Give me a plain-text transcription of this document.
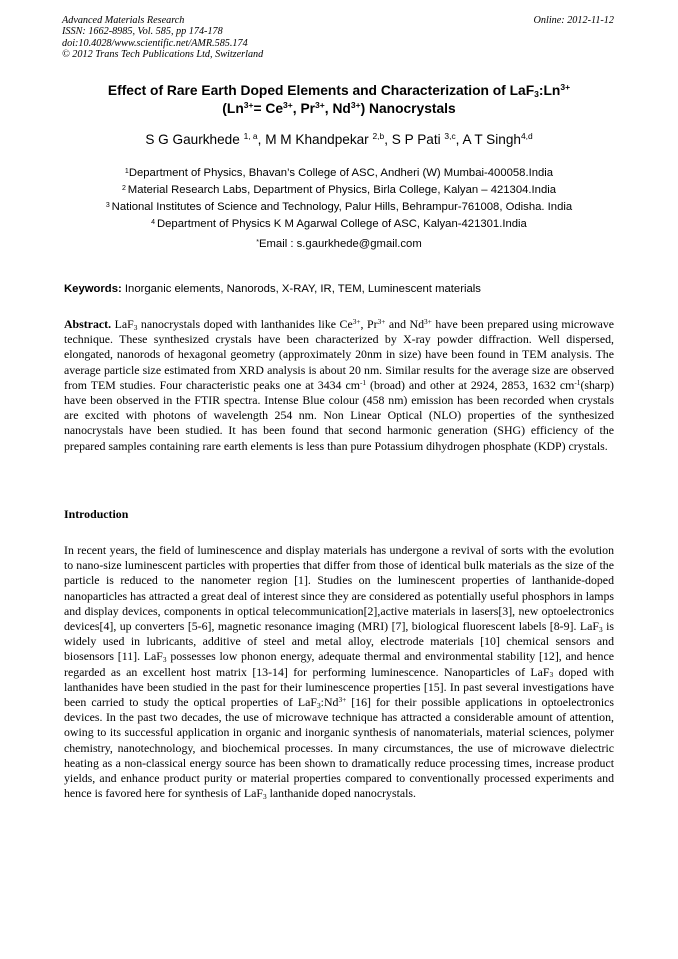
Advanced Materials Research
ISSN: 1662-8985, Vol. 585, pp 174-178
doi:10.4028/www.scientific.net/AMR.585.174
© 2012 Trans Tech Publications Ltd, Switzerland
Online: 2012-11-12
Effect of Rare Earth Doped Elements and Characterization of $LaF_3:Ln^{3+}$
($Ln^{3+}= Ce^{3+}$, $Pr^{3+}$, $Nd^{3+}$) Nanocrystals
S G Gaurkhede $^{1, a}$, M M Khandpekar $^{2,b}$, S P Pati $^{3,c}$, A T Singh$^{4,d}$
$^1$Department of Physics, Bhavan’s College of ASC, Andheri (W) Mumbai-400058.India
$^2$ Material Research Labs, Department of Physics, Birla College, Kalyan – 421304.India
$^3$ National Institutes of Science and Technology, Palur Hills, Behrampur-761008, Odisha. India
$^4$ Department of Physics K M Agarwal College of ASC, Kalyan-421301.India
*Email : s.gaurkhede@gmail.com
Keywords: Inorganic elements, Nanorods, X-RAY, IR, TEM, Luminescent materials
Abstract. LaF$_3$ nanocrystals doped with lanthanides like $Ce^{3+}$, $Pr^{3+}$ and $Nd^{3+}$ have been prepared using microwave technique. These synthesized crystals have been characterized by X-ray powder diffraction. Well dispersed, elongated, nanorods of hexagonal geometry (approximately 20nm in size) have been found in TEM analysis. The average particle size estimated from XRD analysis is about 20 nm. Similar results for the average size are observed from TEM studies. Four characteristic peaks one at 3434 $cm^{-1}$ (broad) and other at 2924, 2853, 1632 $cm^{-1}(sharp)$ have been observed in the FTIR spectra. Intense Blue colour (458 nm) emission has been recorded when crystals are excited with photons of wavelength 254 nm. Non Linear Optical (NLO) properties of the synthesized nanocrystals have been studied. It has been found that second harmonic generation (SHG) efficiency of the prepared samples containing rare earth elements is less than pure Potassium dihydrogen phosphate (KDP) crystals.
Introduction
In recent years, the field of luminescence and display materials has undergone a revival of sorts with the evolution to nano-size luminescent particles with properties that differ from those of identical bulk materials as the size of the particle is reduced to the nanometer region [1]. Studies on the luminescent properties of lanthanide-doped nanoparticles has attracted a great deal of interest since they are considered as potentially useful phosphors in lamps and display devices, components in optical telecommunication[2],active materials in lasers[3], new optoelectronics devices[4], up converters [5-6], magnetic resonance imaging (MRI) [7], biological fluorescent labels [8-9]. LaF$_3$ is widely used in lubricants, additive of steel and metal alloy, electrode materials [10] chemical sensors and biosensors [11]. LaF$_3$ possesses low phonon energy, adequate thermal and environmental stability [12], and hence regarded as an excellent host matrix [13-14] for performing luminescence. Nanoparticles of LaF$_3$ doped with lanthanides have been studied in the past for their luminescence properties [15]. In past several investigations have been carried to study the optical properties of $LaF_3:Nd^{3+}$ [16] for their possible applications in optoelectronics devices. In the past two decades, the use of microwave technique has attracted a considerable amount of attention, owing to its successful application in organic and inorganic synthesis of nanomaterials, material sciences, polymer chemistry, nanotechnology, and biochemical processes. In many circumstances, the use of microwave dielectric heating as a non-classical energy source has been shown to dramatically reduce processing times, increase product yields, and enhance product purity or material properties compared to conventionally processed experiments and hence is favored here for synthesis of LaF$_3$ lanthanide doped nanocrystals.
